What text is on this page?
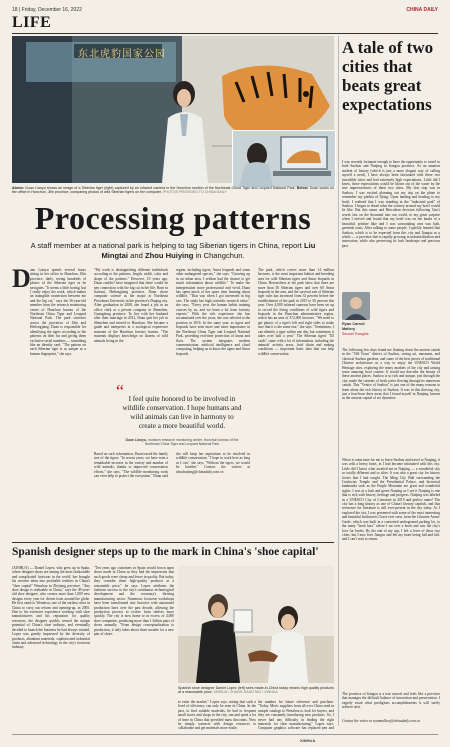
18 | Friday, December 16, 2022	CHINA DAILY
LIFE
东北虎豹国家公园
Above: Duan Lianyu shows an image of a Siberian tiger (right) captured by an infrared camera in the Hunchun section of the Northeast China Tiger and Leopard National Park. Below: Duan works on the office in Hunchun, Jilin province, comparing photos of wild Siberian tigers on the computer. PHOTOS PROVIDED TO CHINA DAILY
Processing patterns
A staff member at a national park is helping to tag Siberian tigers in China, report Liu Mingtai and Zhou Huiying in Changchun.
D uan Lianyu spends several hours sitting in her office in Hunchun, Jilin province, daily, seeing hundreds of photos of the Siberian tiger as he navigates. "It seems a little boring, but I really enjoy the work, which makes an intangible connection between me and the big cat," says the 36-year-old member from the research monitoring center of Hunchun bureau of the Northeast China Tiger and Leopard National Park. The park stretches across the provinces of Jilin and Heilongjiang. Duan is responsible for identifying the tigers according to the patterns on their fur and giving them exclusive serial numbers — something like an identity card. "The pattern on each Siberian tiger is as unique as a human fingerprint," she says.
"My work is distinguishing different individuals according to the patterns, length, width, color and shape of the patterns." However, 10 years ago, Duan couldn't have imagined that there would be any connection with the big cat in her life. Born in Jiamusi, Heilongjiang province, Duan chose computer science as her major at Northeast Petroleum University in the province's Daqing city. After graduation in 2008, she found a job as an office clerk at a private company in Shenzhen, Guangdong province. To live with her husband after their marriage in 2012, Duan quit her job in Shenzhen and moved to Hunchun. She became a guide and interpreter at a zoological experience museum of the Hunchun forestry bureau. "The museum displays knowledge on dozens of wild animals living in the
region, including tigers, Amur leopards and some other endangered species," she says. "Growing up in an urban area, I seldom had the chance to get much information about wildlife." To make the interpretation more professional and vivid, Duan has spent much of her spare time learning about wildlife. "That was when I got interested in big cats. The study has high scientific research value," she says. "Every year, the human habits training courses by us, and we learn a lot from forestry experts." With the rich experience she has accumulated over the years, she was selected to the position in 2016. In the same year, as tigers and leopards have seen more and more importance in the Northeast China Tiger and Leopard National Park, providing real-time protection of fauna and flora. The system integrates modern communication, artificial intelligence and cloud computing, helping us to know the tigers and Amur leopards.
The park, which covers more than 14 million hectares, is the most important habitat and breeding area for wild Siberian tigers and Amur leopards in China. Researchers at the park show that there are more than 50 Siberian tigers and over 60 Amur leopards in the area, and the survival rate of Siberian tiger cubs has increased from 33 percent before the establishment of the park in 2015 to 50 percent this year. Over 4,000 infrared cameras have been set up to record the living conditions of wild tigers and leopards in the Hunchun administrative region, which has an area of 372,000 hectares. "We need to get photos of a tiger's left and right sides to make sure that it is the same one," she says. "Sometimes, I can identify a tiger within one day, but sometimes it takes over half a year." The Siberian tigers' "ID cards" come with a lot of information, including the animals' activity areas, food chain and mating conditions — important basic data that can help wildlife conservation.
“ I feel quite honored to be involved in wildlife conservation. I hope humans and wild animals can live in harmony to create a more beautiful world.
Duan Lianyu, monitors research monitoring center, Hunchun bureau of the Northeast China Tiger and Leopard National Park
Based on such information, Duan traced the family tree of the tigers. "In recent years, we have seen a remarkable increase in the variety and number of wild animals, thanks to improved conservation efforts," she says. "The wildlife monitoring work can even help to protect the ecosystem." Duan said she will keep her aspirations to be involved in wildlife conservation. "I hope to work here as long as I can," she says. "Without the tigers, we would be lonelier." Contact the writers at zhouhuiying@chinadaily.com.cn
A tale of two cities that beats great expectations
I was recently fortunate enough to have the opportunity to travel to both Suzhou and Nanjing in Jiangsu province. As an amateur student of history (which is just a more elegant way of calling myself a nerd), I have always been fascinated with these two incredible cities and had extremely high expectations. Little did I know, those expectations would be blown out of the water by the true impressiveness of these two cities. My first stop was in Suzhou. I was excited planning out my trip on the plane to remember my phobia of flying. Upon landing and heading to my hotel, I realized that I was standing in the "industrial park" of Suzhou. I began to dread what the scenery around my hotel would be like. But this smart and Herculean decision following Gao's words fast on the thousand into our world, to my great surprise when I arrived and found that my hotel was on the banks of a beautiful, pristine lake and I was surrounding area was lush, greenish oasis. After talking to some people, I quickly learned that Suzhou, which is to be expected from this city and Jiangsu as a whole — a province that is rapidly growing in industrialization and innovation, while also preserving its lush landscape and precious past.
Ryan Carroll Mallery
Second Thoughts
The following few days found me floating down the ancient canals in the "Old Town" district of Suzhou, seeing art, museums, and classical Suzhou gardens, and some of the best pieces of traditional Chinese architecture as a way to enjoy the UNESCO World Heritage sites, exploring the many markets of the city and tasting some amazing local cuisine. It would not describe the beauty of these ancient places. Suzhou is so rich and unique, just through the city, made the currents of fresh water flowing through its numerous canals. This "Venice of Suzhou" is just one of the many reasons to learn about the rich history of Suzhou. It was in this thriving city, just a four-hour drive away that I found myself in Nanjing, known as the ancient capital of six dynasties.
When it came time for me to leave Suzhou and travel to Nanjing, it was with a heavy heart, as I had become infatuated with this city. Little did I know what awaited me in Nanjing — a wonderful city so totally different and so alive. It was also a great city for history lovers that I had sought. The Ming City Wall surrounding the Confucius Temple and the Presidential Palace, and historical landmarks such as the Purple Mountain are great and wonderful sights. I was at a lush and green Nanjing as I see it Nanjing is one that is rich with history, heritage and progress. Nanjing was labeled as a UNESCO City of Literature in 2019 and perfect name! The city has a long history as one of China's literary capitals, and that reverence for literature is still ever-present in the city today. As I explored the city, I was presented with some of the most interesting and beautiful bookstores I have ever seen, from the Librairie Avant-Garde, which was built in a converted underground parking lot, to the many "book bars" where I sat over a book and saw the city's love for books. By the end of my trip, I left a lover of these two cities, but I now love Jiangsu and left my heart being full and full, and I can't wait to return.
The province of Jiangsu is a true marvel and feels like a province that manages the difficult balance of innovation and preservation. I eagerly await what prodigious accomplishments it will surely achieve next.
Contact the writer at ryanmallery@chinadaily.com.cn
Spanish designer steps up to the mark in China's 'shoe capital'
(XINHUA) — Daniel Lopez, who grew up in Spain, where designer shoes are among the most fashionable and complicated footwear in the world, has brought his creative ideas into profitable realities in China's "shoe capital" Wenzhou in Zhejiang province. "Any shoe design is realizable in China," says the 49-year-old shoe designer, who creates more than 1,000 new designs every year for clients from around the globe. He first came to Wenzhou, one of the earliest cities in China to carry out reform and opening-up, in 2005. Due to his extensive experience working with shoe manufacturers and his reputation for quality resources, the designer quickly sensed the unique potential of China's shoe industry, and eventually decided to launch the business he had always wanted. Lopez was greatly impressed by the diversity of products, abundant materials, sophisticated industrial chain and advanced technology in the city's footwear industry.
"Ten years ago customers in Spain would frown upon shoes made in China as they had the impression that such goods were cheap and lower in quality. But today, they consider them high-quality products at a reasonable price," he says. Lopez attributes the fashions success to the city's continuous technological development and the economy's thriving manufacturing sector. Numerous footwear workshops have been transformed into factories with automated production lines over the past decade, allowing the production process to evolve from shelves more quickly. The city is now home to in excess of 4,000 shoe companies, producing more than 1 billion pairs of shoes annually. "From design conceptualization to production, it only takes about three months for a new pair of shoes
Spanish shoe designer Daniel Lopez (left) sees made-in-China today means high quality products at a reasonable price. XINHUA / ZHANG JIANGTAO / XINHUA
to enter the market," Lopez says, noting that such a level of efficiency can only be seen in China. In the past, to find suitable materials, he had to frequent small stores and shops in the city, run and spent a lot of time in China that provided mass discounts. Now he simply connects with design resources to collaborate and get materials more easily.
the number for future reference and purchase. "Today, Moric suppliers from all over China send in sample catalogs to Wenzhou to look for buyers, and they are constantly introducing new products. So, I never had any difficulty in finding the right materials for shoe manufacturing," Lopez says. Computer graphics software has replaced pen and
XINHUA
